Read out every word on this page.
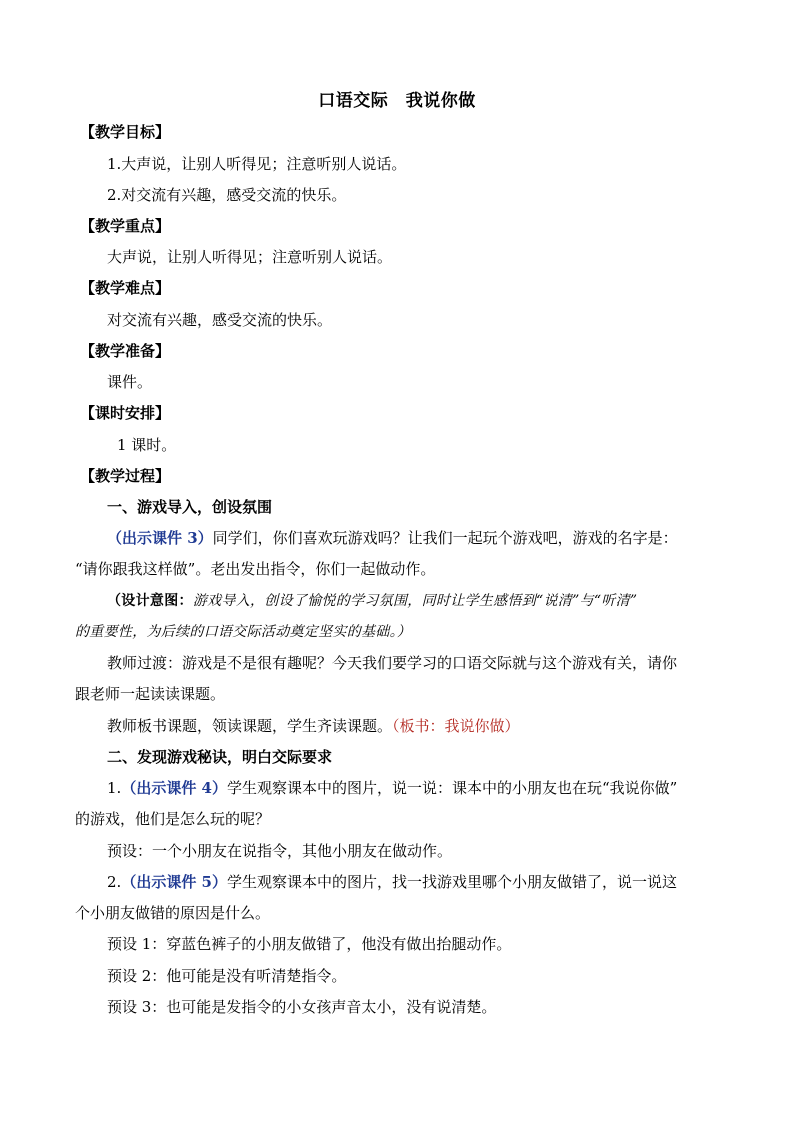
口语交际　我说你做
【教学目标】
1.大声说，让别人听得见；注意听别人说话。
2.对交流有兴趣，感受交流的快乐。
【教学重点】
大声说，让别人听得见；注意听别人说话。
【教学难点】
对交流有兴趣，感受交流的快乐。
【教学准备】
课件。
【课时安排】
1 课时。
【教学过程】
一、游戏导入，创设氛围
（出示课件 3）同学们，你们喜欢玩游戏吗？让我们一起玩个游戏吧，游戏的名字是：
“请你跟我这样做”。老出发出指令，你们一起做动作。
（设计意图：游戏导入，创设了愉悦的学习氛围，同时让学生感悟到“说清”与“听清”
的重要性，为后续的口语交际活动奠定坚实的基础。）
教师过渡：游戏是不是很有趣呢？今天我们要学习的口语交际就与这个游戏有关，请你
跟老师一起读读课题。
教师板书课题，领读课题，学生齐读课题。（板书：我说你做）
二、发现游戏秘诀，明白交际要求
1.（出示课件 4）学生观察课本中的图片，说一说：课本中的小朋友也在玩“我说你做”
的游戏，他们是怎么玩的呢？
预设：一个小朋友在说指令，其他小朋友在做动作。
2.（出示课件 5）学生观察课本中的图片，找一找游戏里哪个小朋友做错了，说一说这
个小朋友做错的原因是什么。
预设 1：穿蓝色裤子的小朋友做错了，他没有做出抬腿动作。
预设 2：他可能是没有听清楚指令。
预设 3：也可能是发指令的小女孩声音太小，没有说清楚。
